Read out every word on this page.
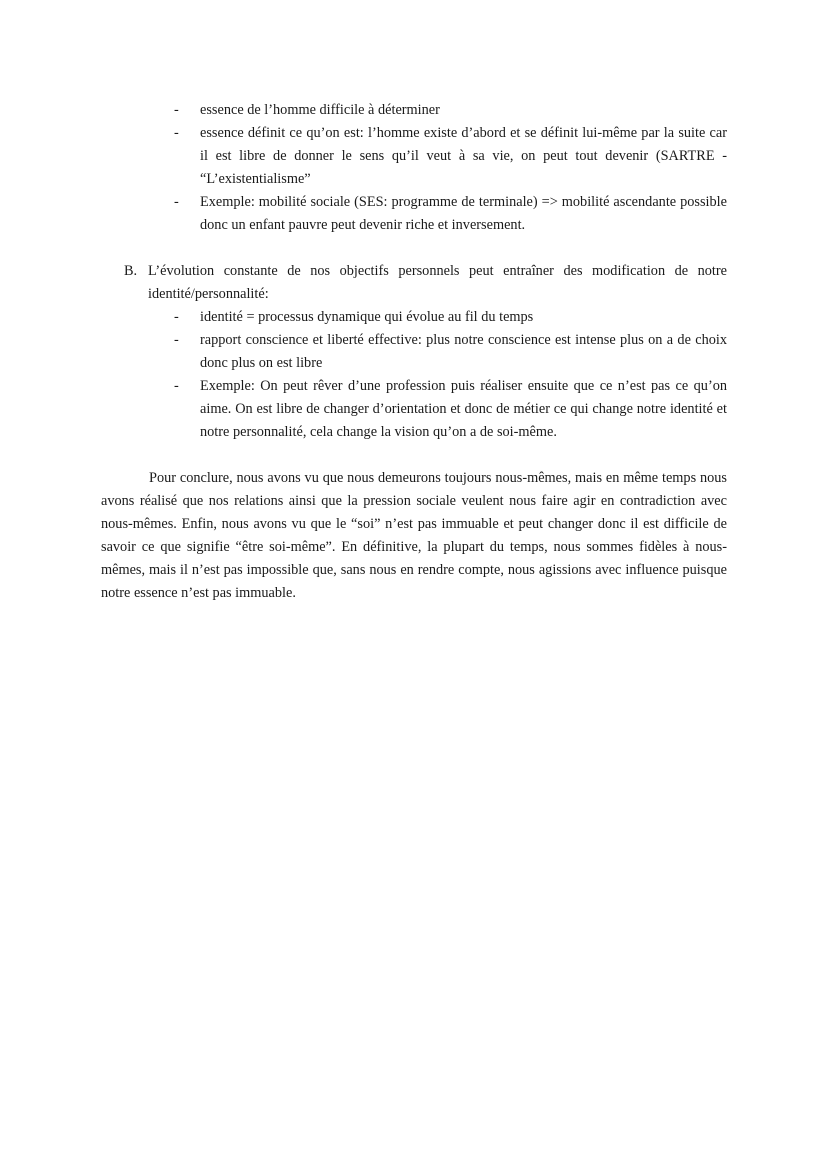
- essence de l’homme difficile à déterminer
- essence définit ce qu’on est: l’homme existe d’abord et se définit lui-même par la suite car il est libre de donner le sens qu’il veut à sa vie, on peut tout devenir (SARTRE - “L’existentialisme”
- Exemple: mobilité sociale (SES: programme de terminale) => mobilité ascendante possible donc un enfant pauvre peut devenir riche et inversement.
B. L’évolution constante de nos objectifs personnels peut entraîner des modification de notre identité/personnalité:

- identité = processus dynamique qui évolue au fil du temps
- rapport conscience et liberté effective: plus notre conscience est intense plus on a de choix donc plus on est libre
- Exemple: On peut rêver d’une profession puis réaliser ensuite que ce n’est pas ce qu’on aime. On est libre de changer d’orientation et donc de métier ce qui change notre identité et notre personnalité, cela change la vision qu’on a de soi-même.

Pour conclure, nous avons vu que nous demeurons toujours nous-mêmes, mais en même temps nous avons réalisé que nos relations ainsi que la pression sociale veulent nous faire agir en contradiction avec nous-mêmes. Enfin, nous avons vu que le “soi” n’est pas immuable et peut changer donc il est difficile de savoir ce que signifie “être soi-même”. En définitive, la plupart du temps, nous sommes fidèles à nous-mêmes, mais il n’est pas impossible que, sans nous en rendre compte, nous agissions avec influence puisque notre essence n’est pas immuable.
